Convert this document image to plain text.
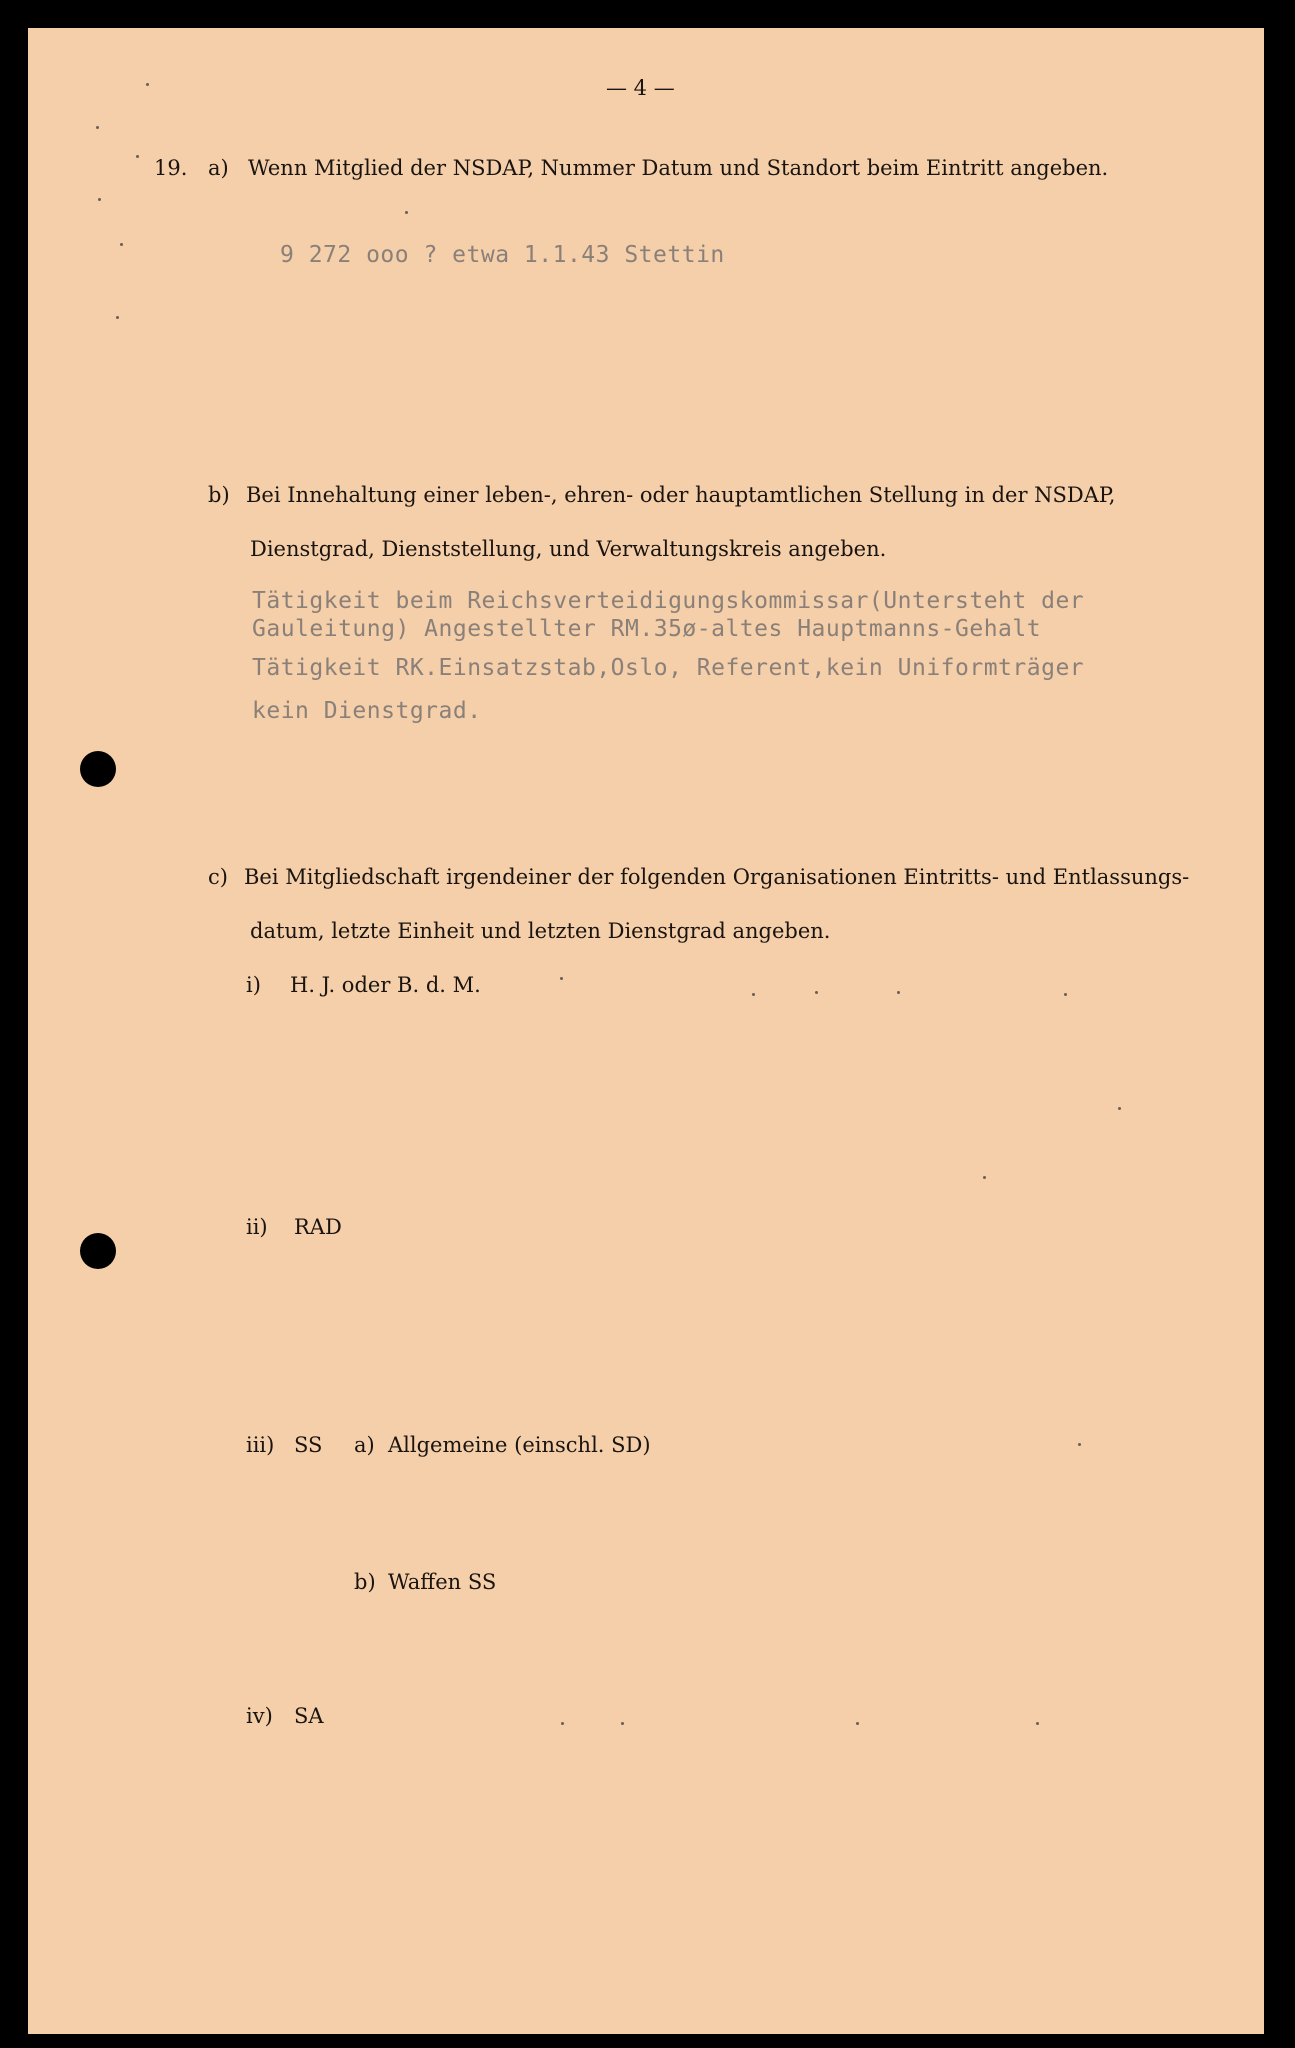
— 4 —
19. a) Wenn Mitglied der NSDAP, Nummer Datum und Standort beim Eintritt angeben.
9 272 ooo ? etwa 1.1.43 Stettin
b) Bei Innehaltung einer leben-, ehren- oder hauptamtlichen Stellung in der NSDAP,
Dienstgrad, Dienststellung, und Verwaltungskreis angeben.
Tätigkeit beim Reichsverteidigungskommissar(Untersteht der
Gauleitung) Angestellter RM.35ø-altes Hauptmanns-Gehalt
Tätigkeit RK.Einsatzstab,Oslo, Referent,kein Uniformträger
kein Dienstgrad.
c) Bei Mitgliedschaft irgendeiner der folgenden Organisationen Eintritts- und Entlassungs-
datum, letzte Einheit und letzten Dienstgrad angeben.
i) H. J. oder B. d. M.
ii) RAD
iii) SS a) Allgemeine (einschl. SD)
b) Waffen SS
iv) SA
